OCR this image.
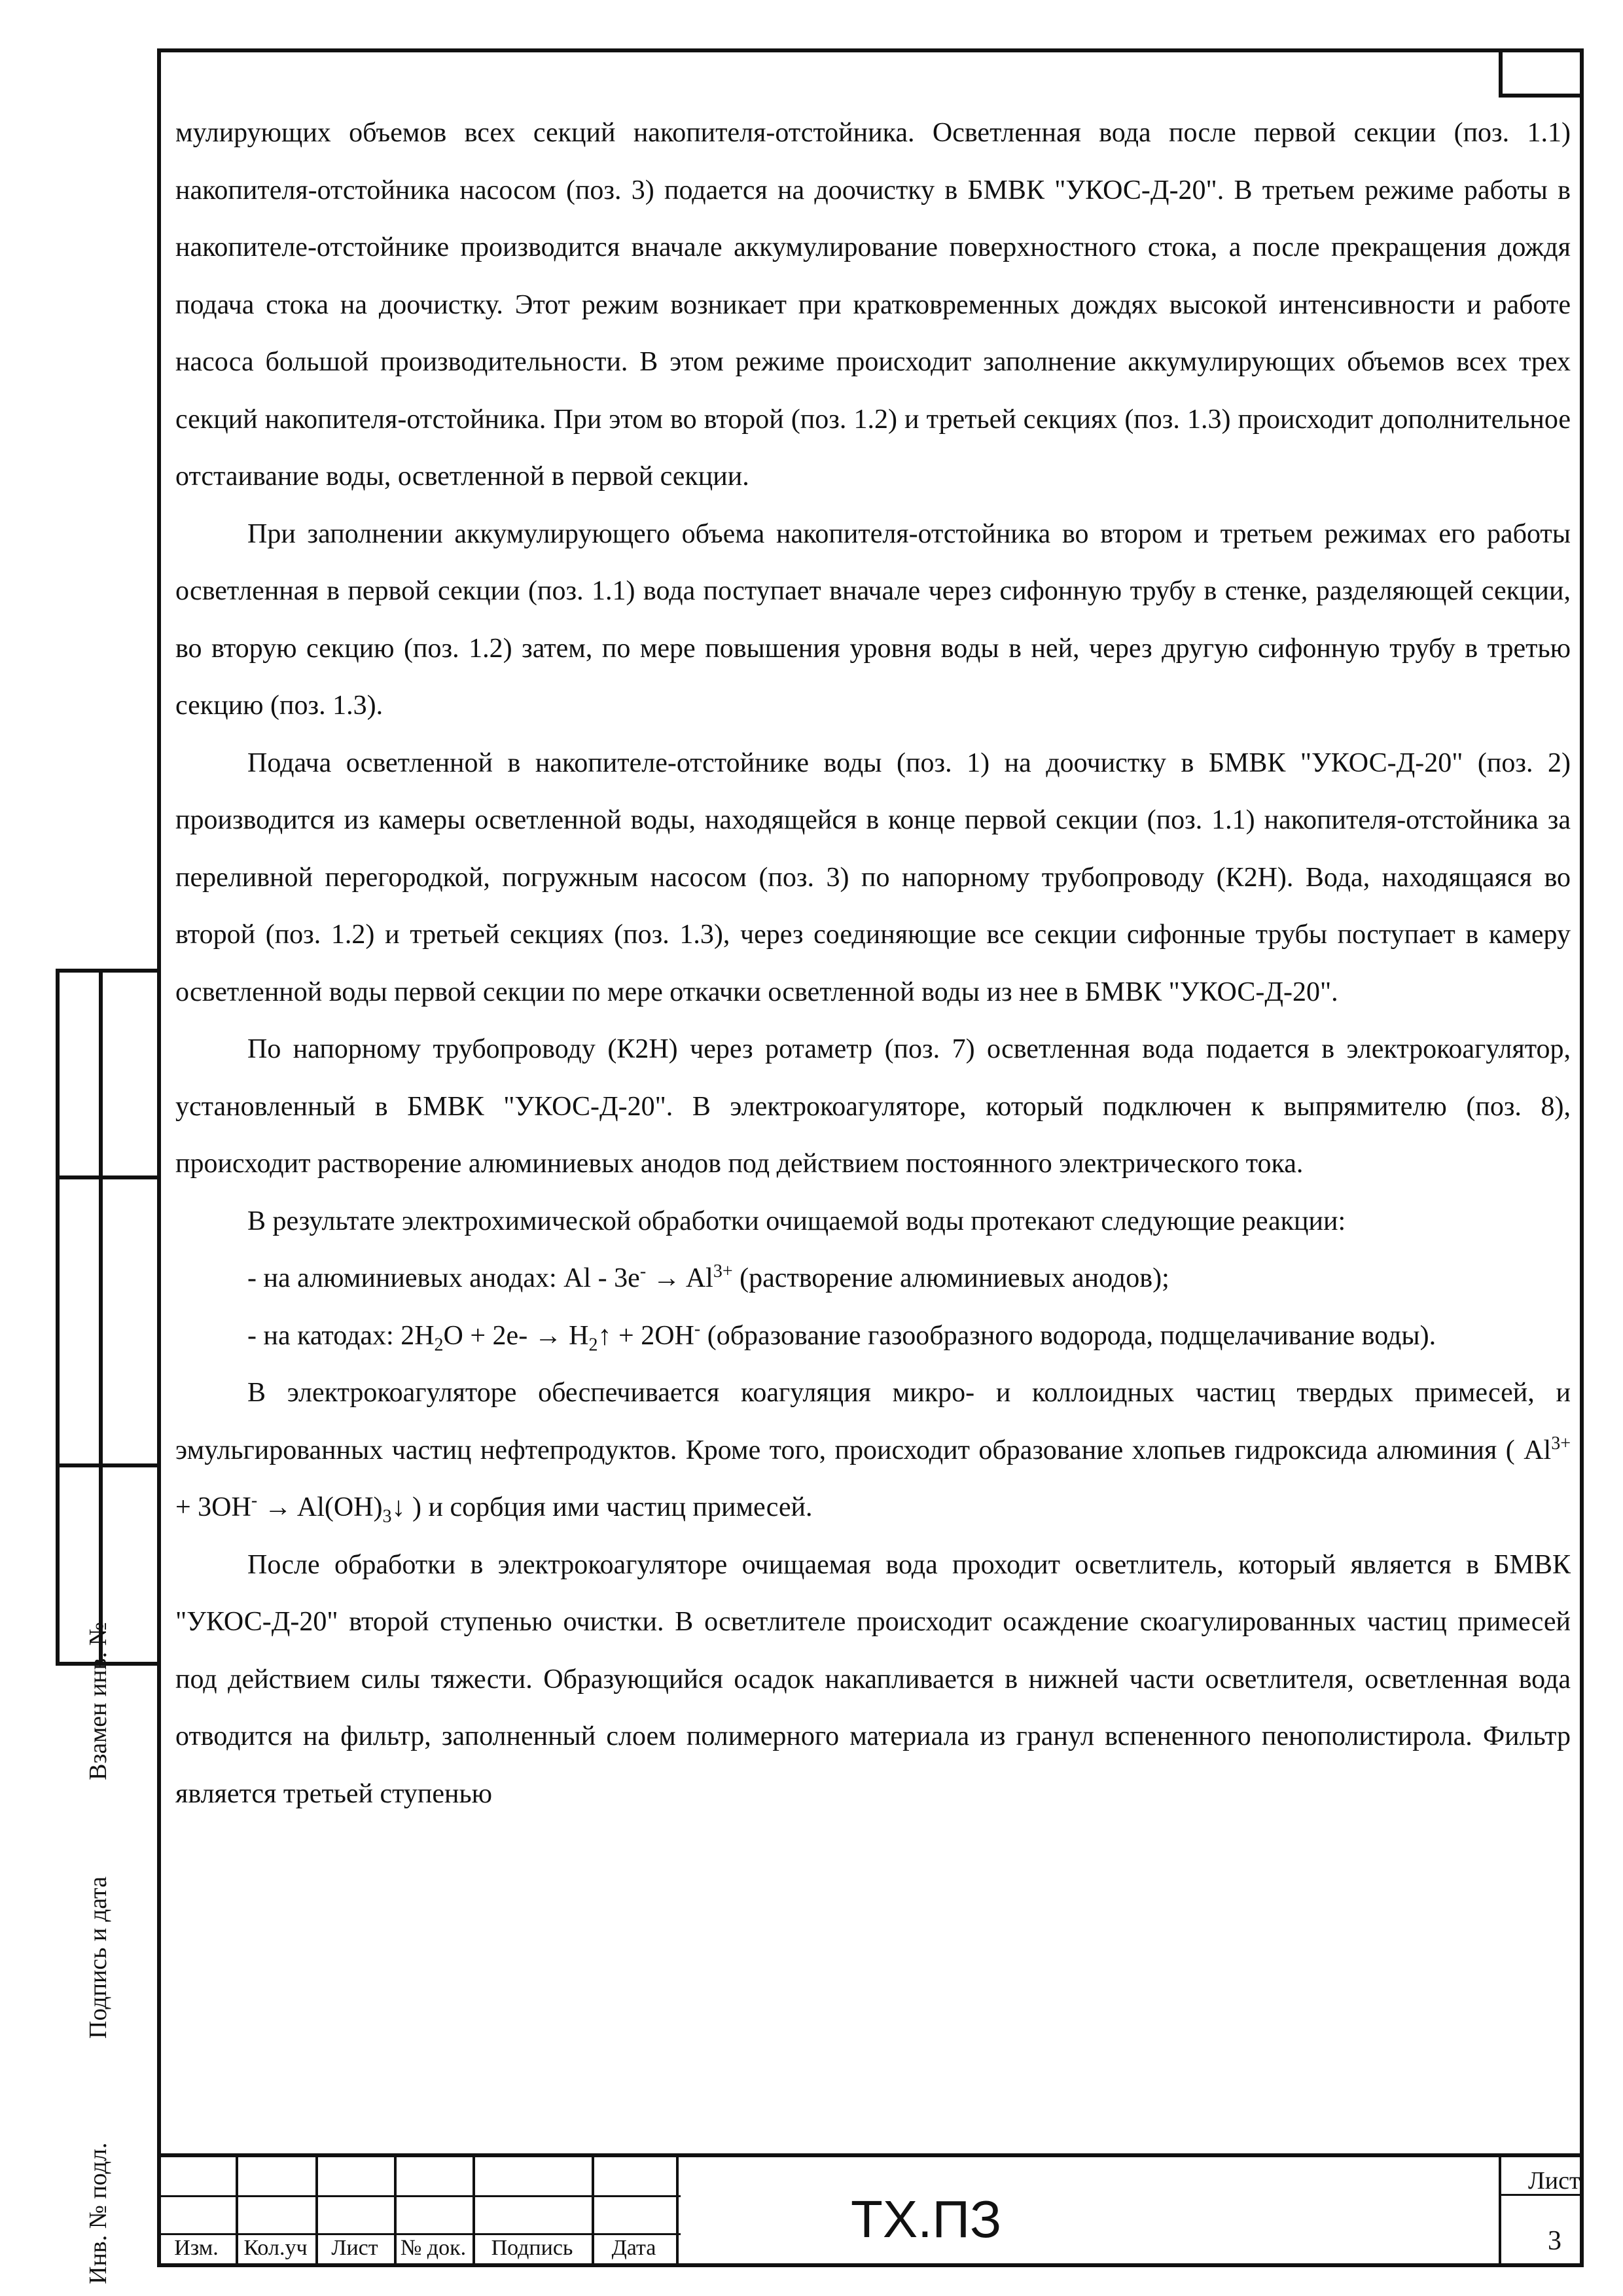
мулирующих объемов всех секций накопителя-отстойника. Осветленная вода после первой секции (поз. 1.1) накопителя-отстойника насосом (поз. 3) подается на доочистку в БМВК "УКОС-Д-20". В третьем режиме работы в накопителе-отстойнике производится вначале аккумулирование поверхностного стока, а после прекращения дождя подача стока на доочистку. Этот режим возникает при кратковременных дождях высокой интенсивности и работе насоса большой производительности. В этом режиме происходит заполнение аккумулирующих объемов всех трех секций накопителя-отстойника. При этом во второй (поз. 1.2) и третьей секциях (поз. 1.3) происходит дополнительное отстаивание воды, осветленной в первой секции.

При заполнении аккумулирующего объема накопителя-отстойника во втором и третьем режимах его работы осветленная в первой секции (поз. 1.1) вода поступает вначале через сифонную трубу в стенке, разделяющей секции, во вторую секцию (поз. 1.2) затем, по мере повышения уровня воды в ней, через другую сифонную трубу в третью секцию (поз. 1.3).

Подача осветленной в накопителе-отстойнике воды (поз. 1) на доочистку в БМВК "УКОС-Д-20" (поз. 2) производится из камеры осветленной воды, находящейся в конце первой секции (поз. 1.1) накопителя-отстойника за переливной перегородкой, погружным насосом (поз. 3) по напорному трубопроводу (К2Н). Вода, находящаяся во второй (поз. 1.2) и третьей секциях (поз. 1.3), через соединяющие все секции сифонные трубы поступает в камеру осветленной воды первой секции по мере откачки осветленной воды из нее в БМВК "УКОС-Д-20".

По напорному трубопроводу (К2Н) через ротаметр (поз. 7) осветленная вода подается в электрокоагулятор, установленный в БМВК "УКОС-Д-20". В электрокоагуляторе, который подключен к выпрямителю (поз. 8), происходит растворение алюминиевых анодов под действием постоянного электрического тока.

В результате электрохимической обработки очищаемой воды протекают следующие реакции:

- на алюминиевых анодах: $Al - 3e^- \to Al^{3+}$ (растворение алюминиевых анодов);

- на катодах: $2H_2O + 2e-$ → $H_2↑ + 2OH^-$ (образование газообразного водорода, подщелачивание воды).

В электрокоагуляторе обеспечивается коагуляция микро- и коллоидных частиц твердых примесей, и эмульгированных частиц нефтепродуктов. Кроме того, происходит образование хлопьев гидроксида алюминия ( $Al^{3+} + 3OH^-$ → $Al(OH)_3↓$ ) и сорбция ими частиц примесей.

После обработки в электрокоагуляторе очищаемая вода проходит осветлитель, который является в БМВК "УКОС-Д-20" второй ступенью очистки. В осветлителе происходит осаждение скоагулированных частиц примесей под действием силы тяжести. Образующийся осадок накапливается в нижней части осветлителя, осветленная вода отводится на фильтр, заполненный слоем полимерного материала из гранул вспененного пенополистирола. Фильтр является третьей ступенью

Взамен инв. №
Подпись и дата
Инв. № подл.	Изм.	Кол.уч	Лист	№ док.	Подпись	Дата	ТХ.ПЗ
Лист
3
